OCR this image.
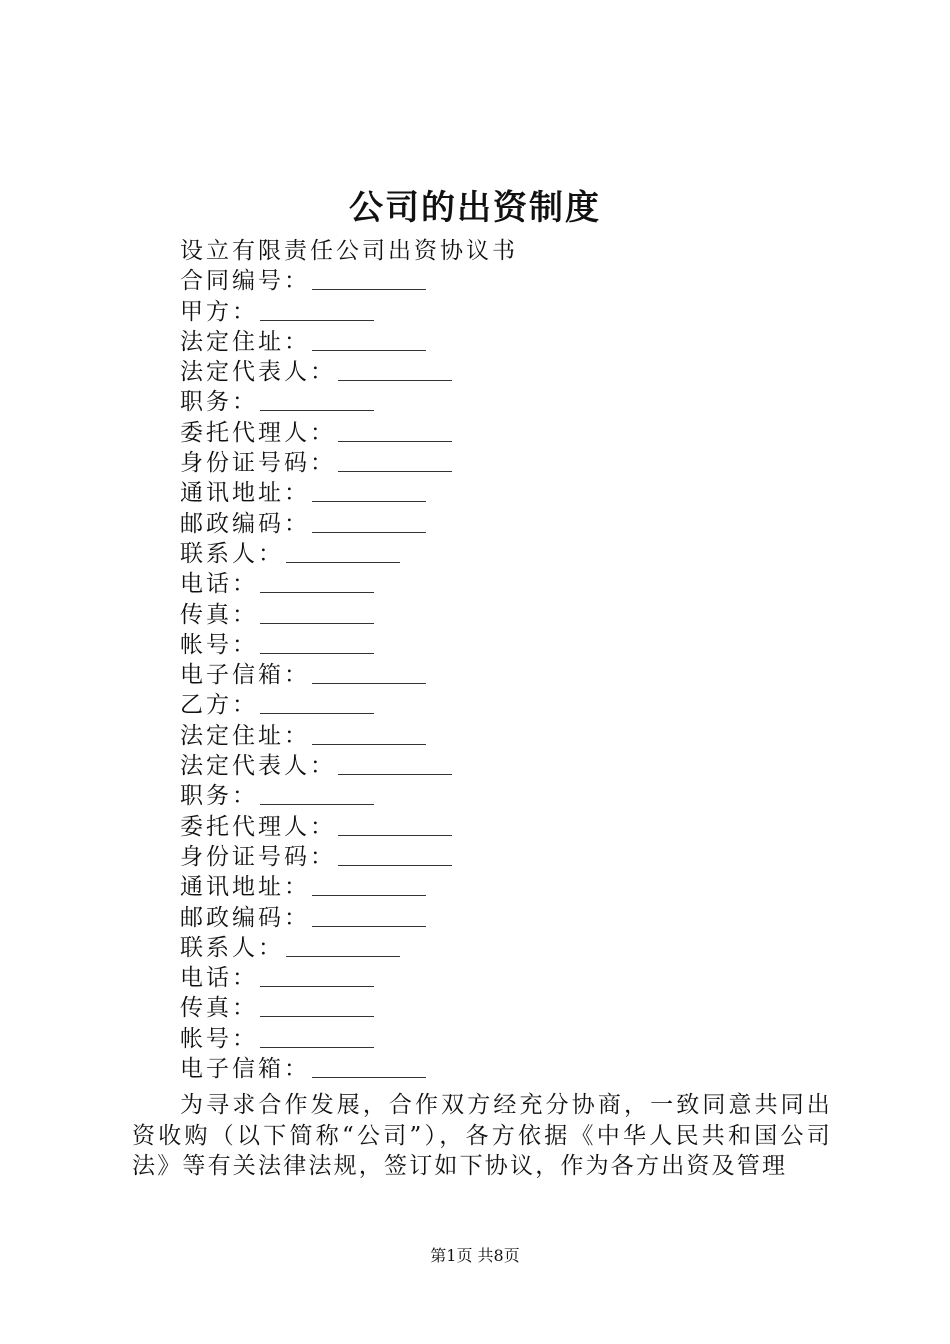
公司的出资制度
设立有限责任公司出资协议书
合同编号：
甲方：
法定住址：
法定代表人：
职务：
委托代理人：
身份证号码：
通讯地址：
邮政编码：
联系人：
电话：
传真：
帐号：
电子信箱：
乙方：
法定住址：
法定代表人：
职务：
委托代理人：
身份证号码：
通讯地址：
邮政编码：
联系人：
电话：
传真：
帐号：
电子信箱：
为寻求合作发展，合作双方经充分协商，一致同意共同出资收购（以下简称“公司”），各方依据《中华人民共和国公司法》等有关法律法规，签订如下协议，作为各方出资及管理
第1页 共8页
